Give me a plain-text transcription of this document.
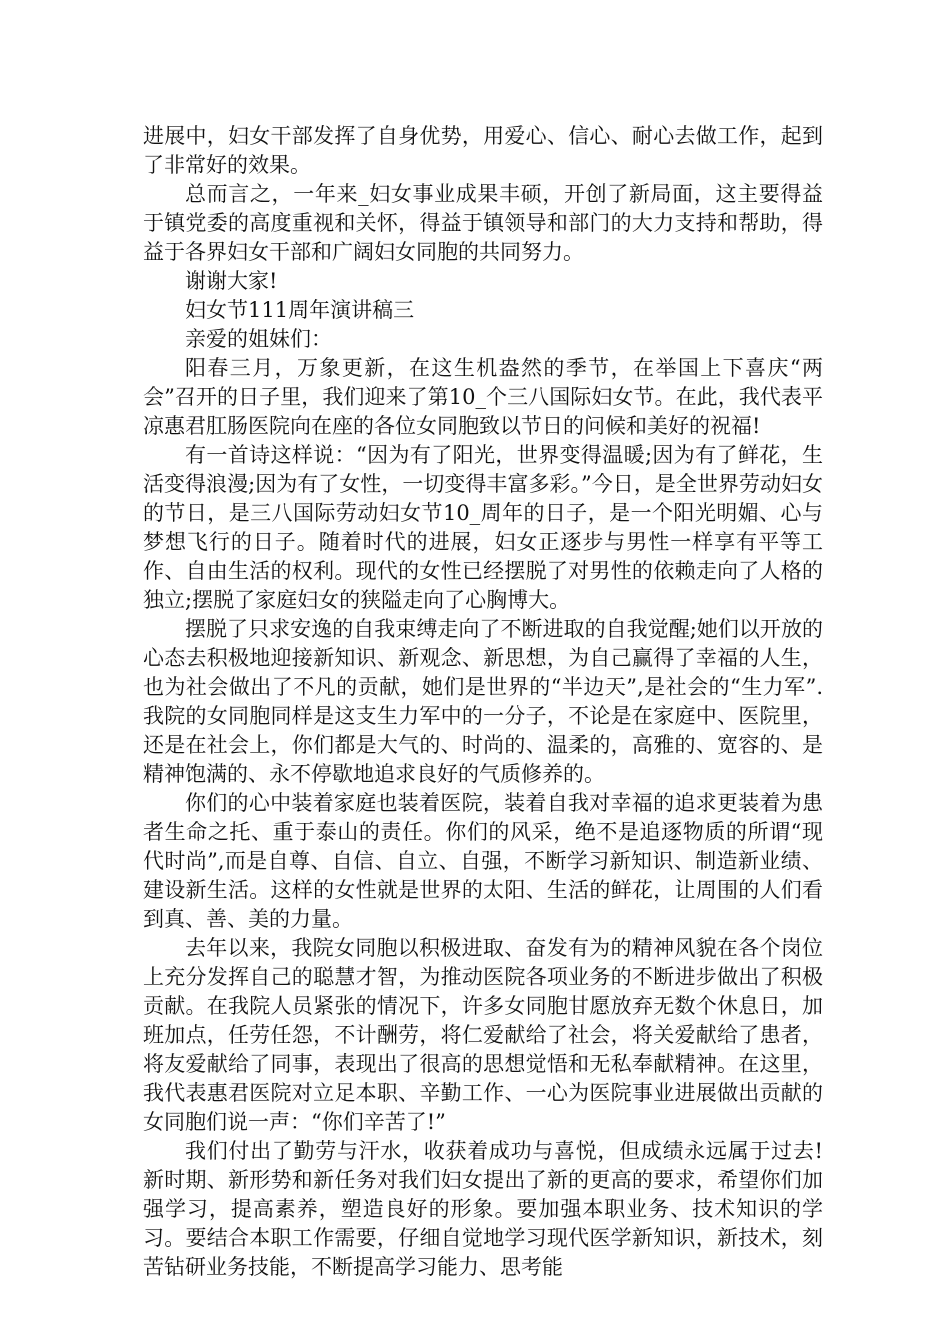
进展中，妇女干部发挥了自身优势，用爱心、信心、耐心去做工作，起到了非常好的效果。

总而言之，一年来_妇女事业成果丰硕，开创了新局面，这主要得益于镇党委的高度重视和关怀，得益于镇领导和部门的大力支持和帮助，得益于各界妇女干部和广阔妇女同胞的共同努力。

谢谢大家!

妇女节111周年演讲稿三

亲爱的姐妹们：

阳春三月，万象更新，在这生机盎然的季节，在举国上下喜庆“两会”召开的日子里，我们迎来了第10_个三八国际妇女节。在此，我代表平凉惠君肛肠医院向在座的各位女同胞致以节日的问候和美好的祝福!

有一首诗这样说：“因为有了阳光，世界变得温暖;因为有了鲜花，生活变得浪漫;因为有了女性，一切变得丰富多彩。”今日，是全世界劳动妇女的节日，是三八国际劳动妇女节10_周年的日子，是一个阳光明媚、心与梦想飞行的日子。随着时代的进展，妇女正逐步与男性一样享有平等工作、自由生活的权利。现代的女性已经摆脱了对男性的依赖走向了人格的独立;摆脱了家庭妇女的狭隘走向了心胸博大。

摆脱了只求安逸的自我束缚走向了不断进取的自我觉醒;她们以开放的心态去积极地迎接新知识、新观念、新思想，为自己赢得了幸福的人生，也为社会做出了不凡的贡献，她们是世界的“半边天”,是社会的“生力军”.我院的女同胞同样是这支生力军中的一分子，不论是在家庭中、医院里，还是在社会上，你们都是大气的、时尚的、温柔的，高雅的、宽容的、是精神饱满的、永不停歇地追求良好的气质修养的。

你们的心中装着家庭也装着医院，装着自我对幸福的追求更装着为患者生命之托、重于泰山的责任。你们的风采，绝不是追逐物质的所谓“现代时尚”,而是自尊、自信、自立、自强，不断学习新知识、制造新业绩、建设新生活。这样的女性就是世界的太阳、生活的鲜花，让周围的人们看到真、善、美的力量。

去年以来，我院女同胞以积极进取、奋发有为的精神风貌在各个岗位上充分发挥自己的聪慧才智，为推动医院各项业务的不断进步做出了积极贡献。在我院人员紧张的情况下，许多女同胞甘愿放弃无数个休息日，加班加点，任劳任怨，不计酬劳，将仁爱献给了社会，将关爱献给了患者，将友爱献给了同事，表现出了很高的思想觉悟和无私奉献精神。在这里，我代表惠君医院对立足本职、辛勤工作、一心为医院事业进展做出贡献的女同胞们说一声：“你们辛苦了!”

我们付出了勤劳与汗水，收获着成功与喜悦，但成绩永远属于过去!新时期、新形势和新任务对我们妇女提出了新的更高的要求，希望你们加强学习，提高素养，塑造良好的形象。要加强本职业务、技术知识的学习。要结合本职工作需要，仔细自觉地学习现代医学新知识，新技术，刻苦钻研业务技能，不断提高学习能力、思考能
